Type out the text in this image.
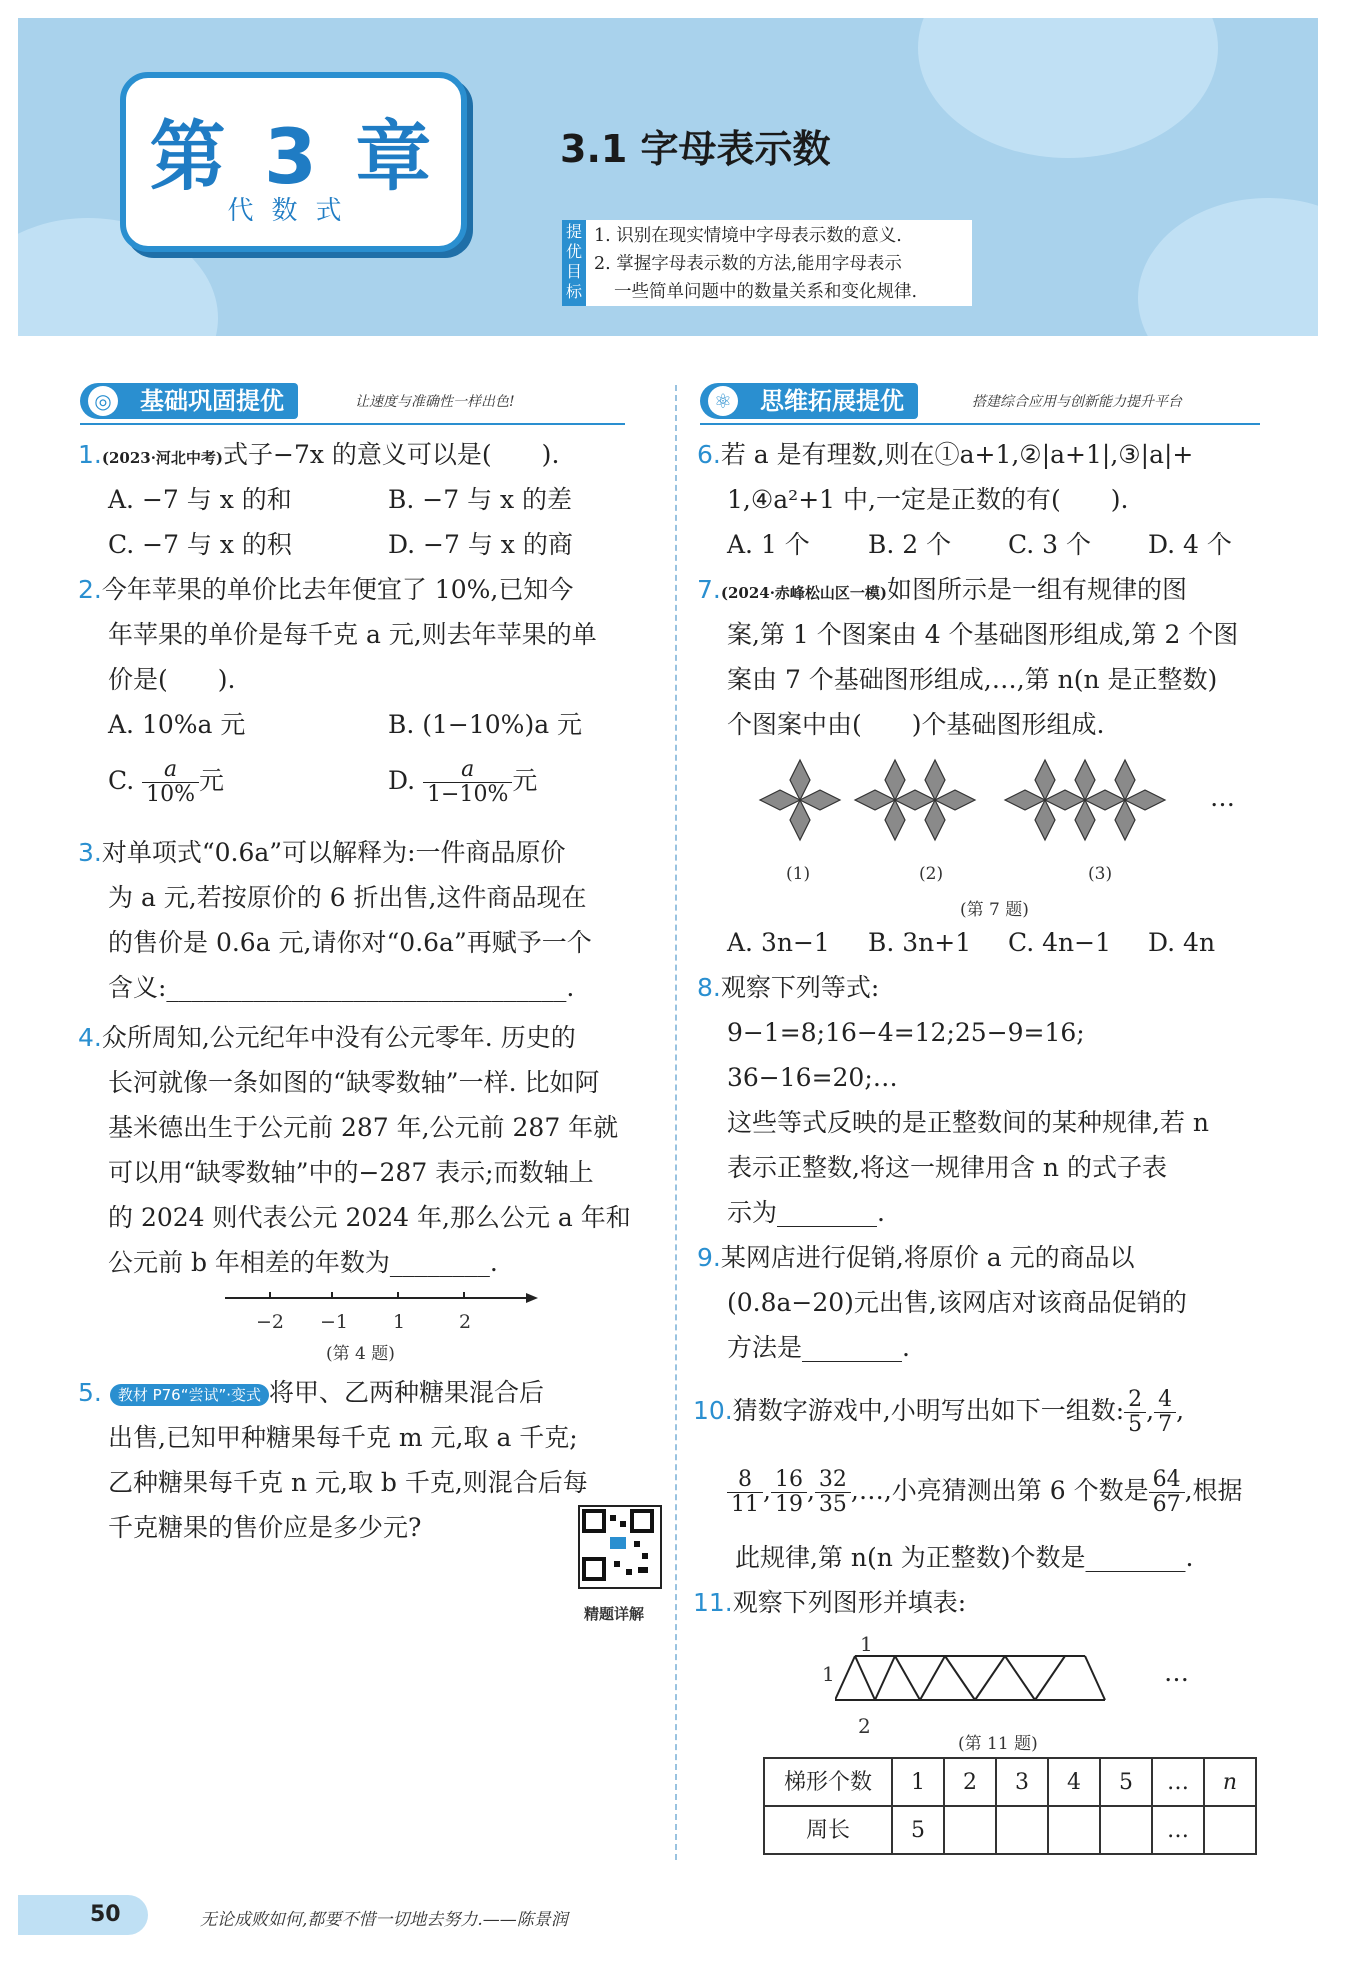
第 3 章
代数式
3.1 字母表示数
提优目标
1. 识别在现实情境中字母表示数的意义.
2. 掌握字母表示数的方法,能用字母表示
一些简单问题中的数量关系和变化规律.
基础巩固提优
◎	让速度与准确性一样出色!	思维拓展提优
⚛	搭建综合应用与创新能力提升平台
1.(2023·河北中考)式子−7x 的意义可以是(　　).
A. −7 与 x 的和	B. −7 与 x 的差
C. −7 与 x 的积	D. −7 与 x 的商
2.今年苹果的单价比去年便宜了 10%,已知今
年苹果的单价是每千克 a 元,则去年苹果的单
价是(　　).
A. 10%a 元	B. (1−10%)a 元
C. $\frac{a}{10\%}$ 元	D. $\frac{a}{1-10\%}$ 元
3.对单项式“0.6a”可以解释为:一件商品原价
为 a 元,若按原价的 6 折出售,这件商品现在
的售价是 0.6a 元,请你对“0.6a”再赋予一个
含义:________________________________.
4.众所周知,公元纪年中没有公元零年. 历史的
长河就像一条如图的“缺零数轴”一样. 比如阿
基米德出生于公元前 287 年,公元前 287 年就
可以用“缺零数轴”中的−287 表示;而数轴上
的 2024 则代表公元 2024 年,那么公元 a 年和
公元前 b 年相差的年数为________.
−2 −1 1	2
(第 4 题)
5. 教材 P76“尝试”·变式 将甲、乙两种糖果混合后
出售,已知甲种糖果每千克 m 元,取 a 千克;
乙种糖果每千克 n 元,取 b 千克,则混合后每
千克糖果的售价应是多少元?
精题详解
6.若 a 是有理数,则在①a+1,②|a+1|,③|a|+
1,④a²+1 中,一定是正数的有(　　).
A. 1 个 B. 2 个 C. 3 个 D. 4 个
7.(2024·赤峰松山区一模)如图所示是一组有规律的图
案,第 1 个图案由 4 个基础图形组成,第 2 个图
案由 7 个基础图形组成,…,第 n(n 是正整数)
个图案中由(　　)个基础图形组成.
…
(1)	(2)	(3)
(第 7 题)
A. 3n−1 B. 3n+1 C. 4n−1 D. 4n
8.观察下列等式:
9−1=8;16−4=12;25−9=16;
36−16=20;…
这些等式反映的是正整数间的某种规律,若 n
表示正整数,将这一规律用含 n 的式子表
示为________.
9.某网店进行促销,将原价 a 元的商品以
(0.8a−20)元出售,该网店对该商品促销的
方法是________.
10.猜数字游戏中,小明写出如下一组数: $\frac{2}{5}$ , $\frac{4}{7}$ ,
$\frac{8}{11}$ , $\frac{16}{19}$ , $\frac{32}{35}$ ,…,小亮猜测出第 6 个数是 $\frac{64}{67}$ ,根据
此规律,第 n(n 为正整数)个数是________.
11.观察下列图形并填表:
1
1
2
…
(第 11 题)
梯形个数	1	2	3	4	5	…	n
周长	5					…	
50	无论成败如何,都要不惜一切地去努力.——陈景润
